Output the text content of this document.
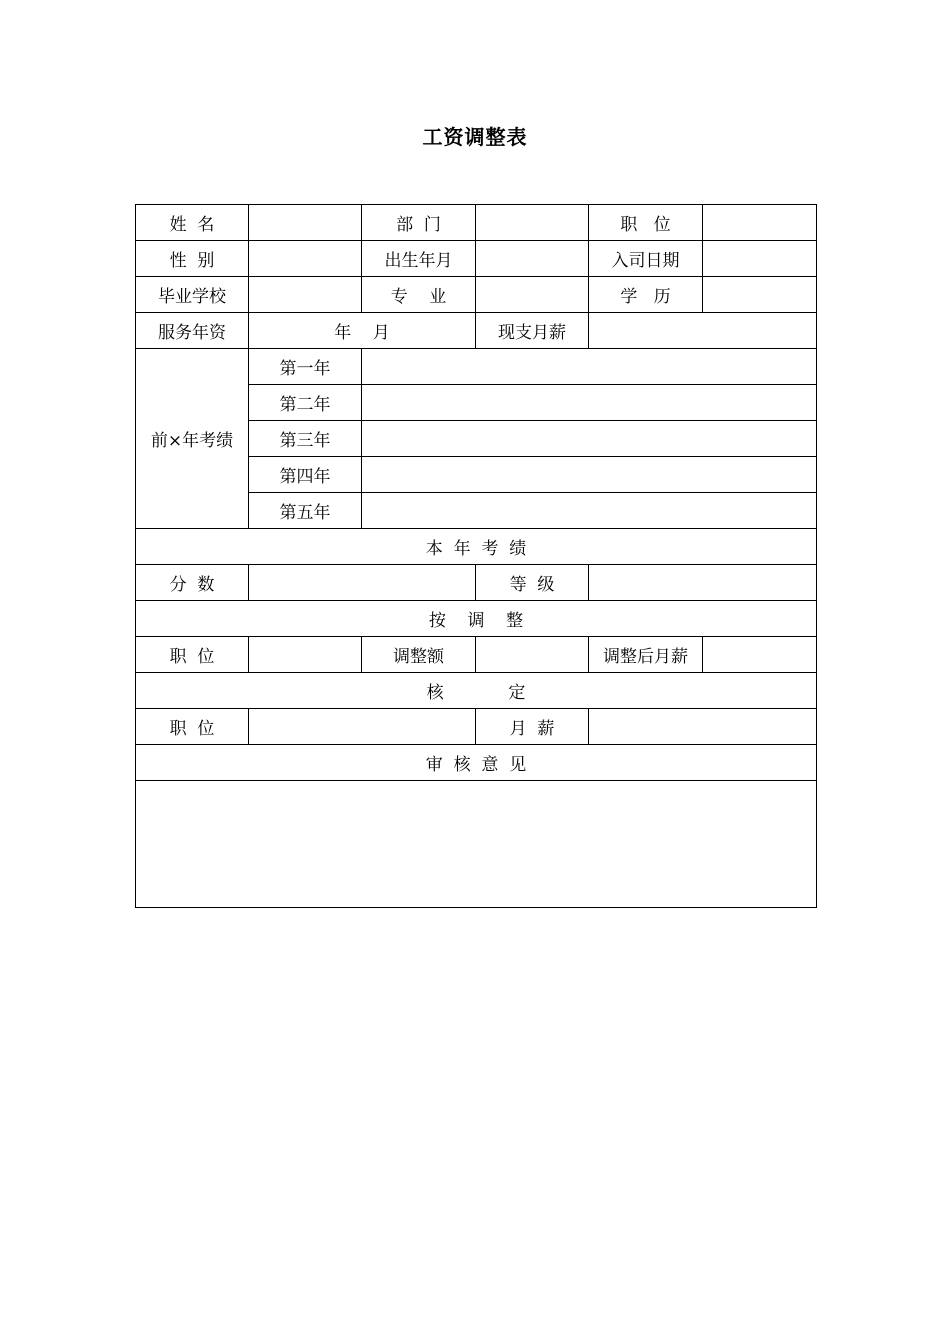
工资调整表
姓  名		部  门		职   位	
性  别		出生年月		入司日期	
毕业学校		专    业		学   历	
服务年资	年    月		现支月薪		
前×年考绩	第一年				
	第二年				
	第三年				
	第四年				
	第五年				
本  年  考  绩					
分  数			等  级		
按    调    整					
职  位		调整额		调整后月薪	
核            定					
职  位			月  薪		
审  核  意  见					
